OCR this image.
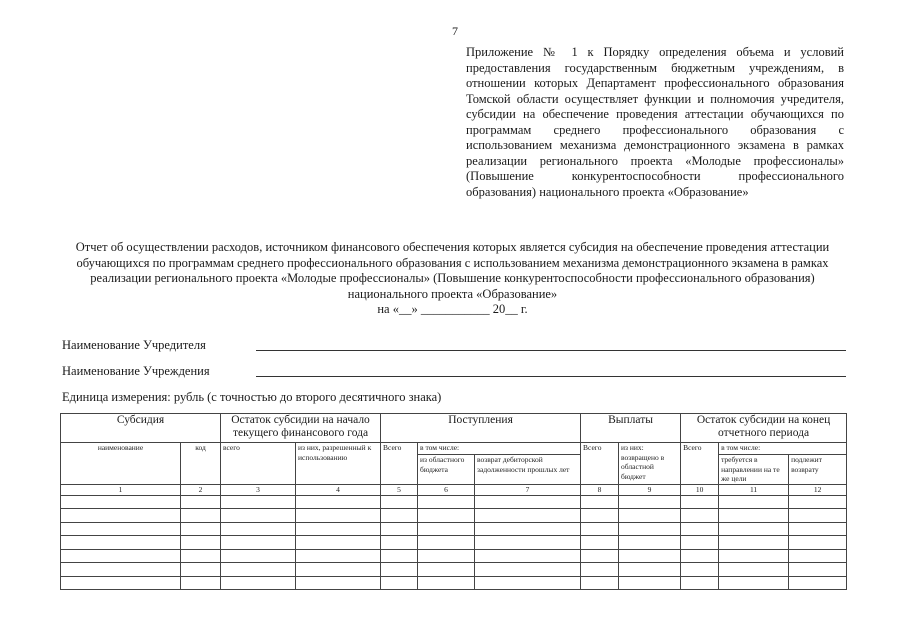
7
Приложение № 1 к Порядку определения объема и условий предоставления государственным бюджетным учреждениям, в отношении которых Департамент профессионального образования Томской области осуществляет функции и полномочия учредителя, субсидии на обеспечение проведения аттестации обучающихся по программам среднего профессионального образования с использованием механизма демонстрационного экзамена в рамках реализации регионального проекта «Молодые профессионалы» (Повышение конкурентоспособности профессионального образования) национального проекта «Образование»
Отчет об осуществлении расходов, источником финансового обеспечения которых является субсидия на обеспечение проведения аттестации обучающихся по программам среднего профессионального образования с использованием механизма демонстрационного экзамена в рамках реализации регионального проекта «Молодые профессионалы» (Повышение конкурентоспособности профессионального образования) национального проекта «Образование»
на «__» ___________ 20__ г.
Наименование Учредителя
Наименование Учреждения
Единица измерения: рубль (с точностью до второго десятичного знака)
Субсидия		Остаток субсидии на начало текущего финансового года		Поступления			Выплаты		Остаток субсидии на конец отчетного периода		
наименование	код	всего	из них, разрешенный к использованию	Всего	в том числе:		Всего	из них: возвращено в областной бюджет	Всего	в том числе:	
					из областного бюджета	возврат дебиторской задолженности прошлых лет				требуется в направлении на те же цели	подлежит возврату
1	2	3	4	5	6	7	8	9	10	11	12
